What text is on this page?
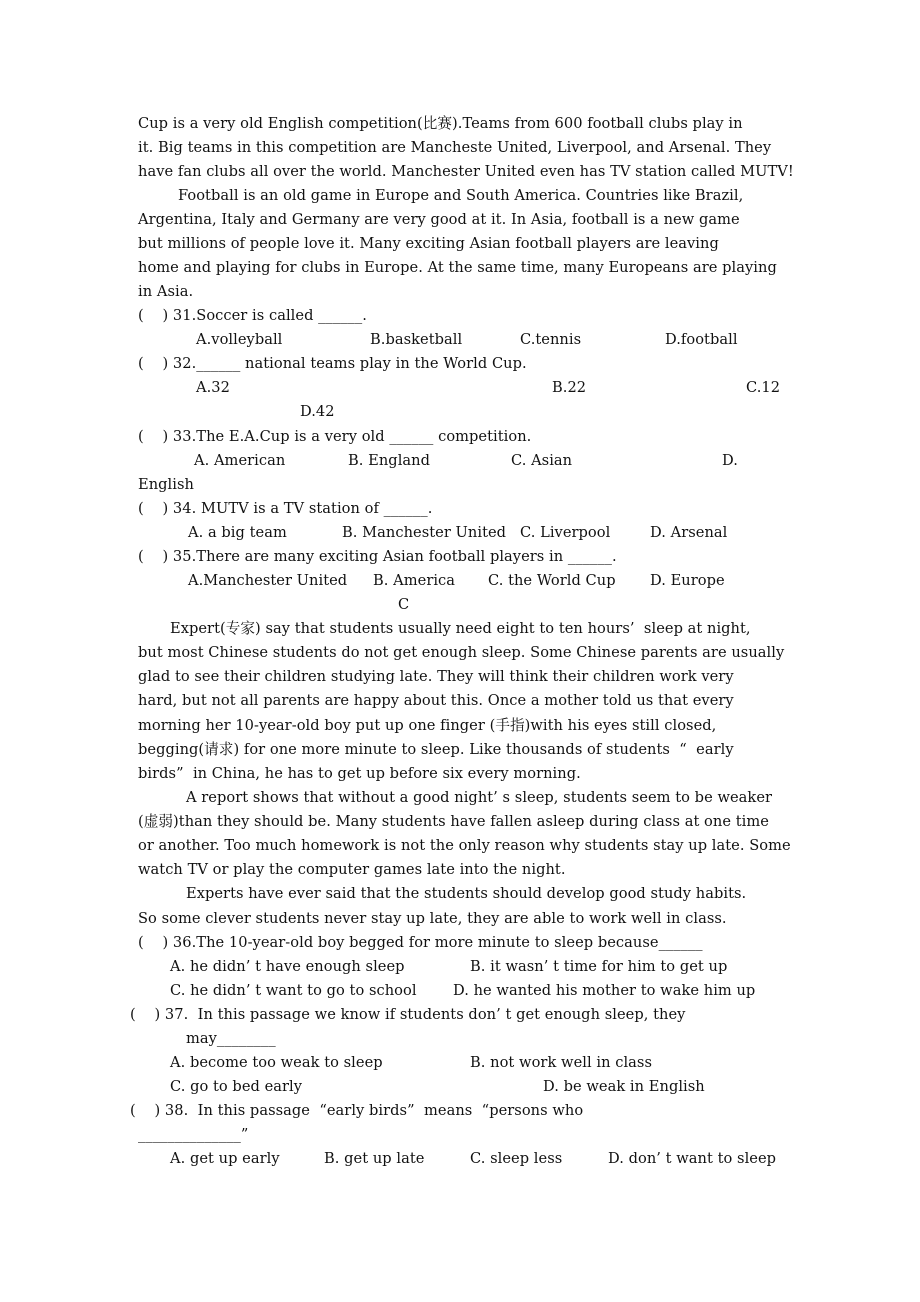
Cup is a very old English competition(比赛).Teams from 600 football clubs play in
it. Big teams in this competition are Mancheste United, Liverpool, and Arsenal. They
have fan clubs all over the world. Manchester United even has TV station called MUTV!
Football is an old game in Europe and South America. Countries like Brazil,
Argentina, Italy and Germany are very good at it. In Asia, football is a new game
but millions of people love it. Many exciting Asian football players are leaving
home and playing for clubs in Europe. At the same time, many Europeans are playing
in Asia.
(    ) 31.Soccer is called ______.
A.volleyball	B.basketball	C.tennis	D.football
(    ) 32.______ national teams play in the World Cup.
A.32	B.22	C.12
D.42
(    ) 33.The E.A.Cup is a very old ______ competition.
A. American	B. England	C. Asian	D.
English
(    ) 34. MUTV is a TV station of ______.
A. a big team	B. Manchester United C. Liverpool	D. Arsenal
(    ) 35.There are many exciting Asian football players in ______.
A.Manchester United B. America C. the World Cup D. Europe
C
Expert(专家) say that students usually need eight to ten hours’  sleep at night,
but most Chinese students do not get enough sleep. Some Chinese parents are usually
glad to see their children studying late. They will think their children work very
hard, but not all parents are happy about this. Once a mother told us that every
morning her 10-year-old boy put up one finger (手指)with his eyes still closed,
begging(请求) for one more minute to sleep. Like thousands of students  “  early
birds”  in China, he has to get up before six every morning.
A report shows that without a good night’ s sleep, students seem to be weaker
(虚弱)than they should be. Many students have fallen asleep during class at one time
or another. Too much homework is not the only reason why students stay up late. Some
watch TV or play the computer games late into the night.
Experts have ever said that the students should develop good study habits.
So some clever students never stay up late, they are able to work well in class.
(    ) 36.The 10-year-old boy begged for more minute to sleep because______
A. he didn’ t have enough sleep	B. it wasn’ t time for him to get up
C. he didn’ t want to go to school D. he wanted his mother to wake him up
(    ) 37.  In this passage we know if students don’ t get enough sleep, they
may________
A. become too weak to sleep	B. not work well in class
C. go to bed early	D. be weak in English
(    ) 38.  In this passage  “early birds”  means  “persons who
______________”
A. get up early	B. get up late	C. sleep less	D. don’ t want to sleep
